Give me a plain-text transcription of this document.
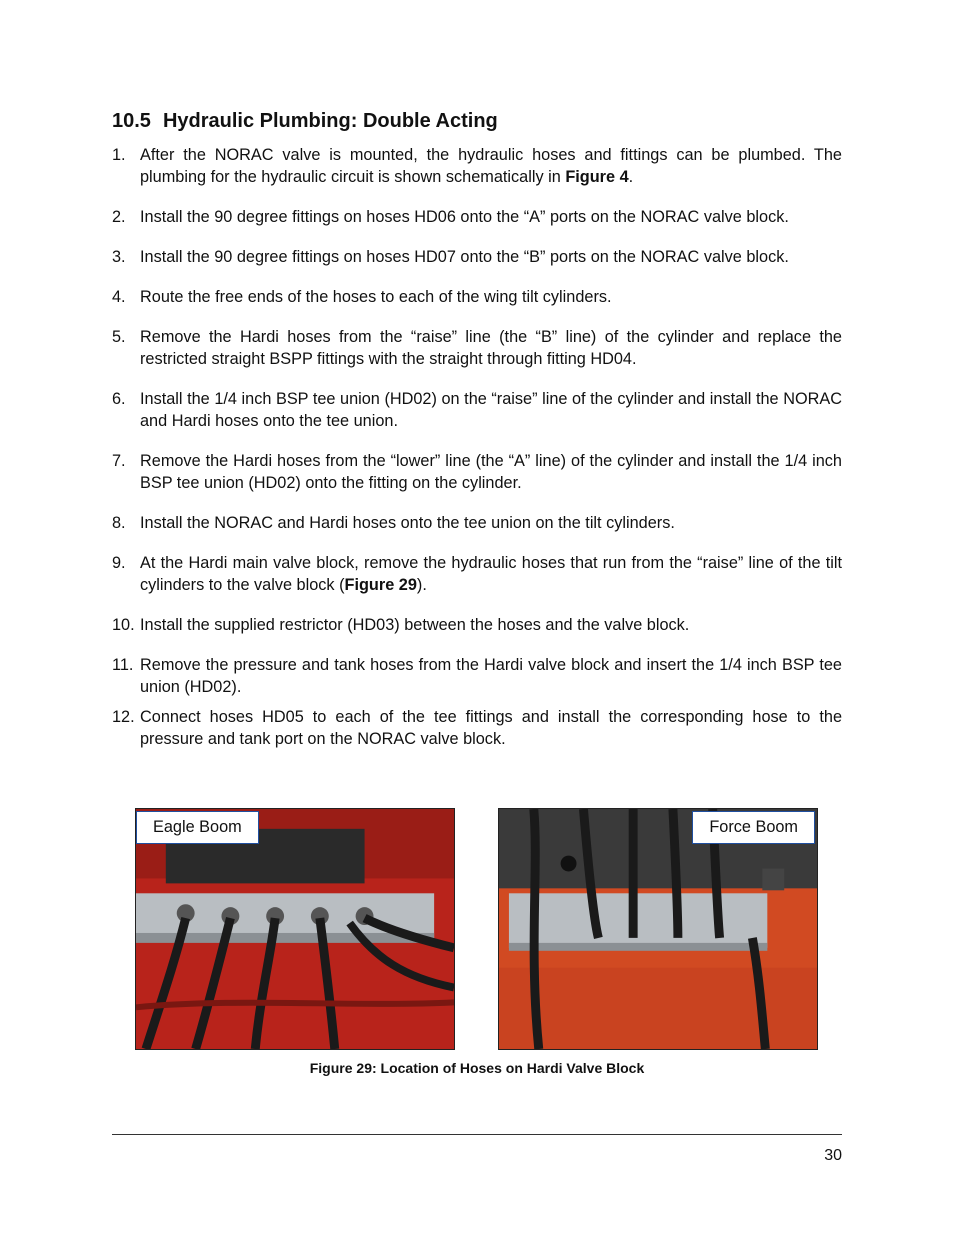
10.5 Hydraulic Plumbing: Double Acting
1. After the NORAC valve is mounted, the hydraulic hoses and fittings can be plumbed. The plumbing for the hydraulic circuit is shown schematically in Figure 4.
2. Install the 90 degree fittings on hoses HD06 onto the “A” ports on the NORAC valve block.
3. Install the 90 degree fittings on hoses HD07 onto the “B” ports on the NORAC valve block.
4. Route the free ends of the hoses to each of the wing tilt cylinders.
5. Remove the Hardi hoses from the “raise” line (the “B” line) of the cylinder and replace the restricted straight BSPP fittings with the straight through fitting HD04.
6. Install the 1/4 inch BSP tee union (HD02) on the “raise” line of the cylinder and install the NORAC and Hardi hoses onto the tee union.
7. Remove the Hardi hoses from the “lower” line (the “A” line) of the cylinder and install the 1/4 inch BSP tee union (HD02) onto the fitting on the cylinder.
8. Install the NORAC and Hardi hoses onto the tee union on the tilt cylinders.
9. At the Hardi main valve block, remove the hydraulic hoses that run from the “raise” line of the tilt cylinders to the valve block (Figure 29).
10. Install the supplied restrictor (HD03) between the hoses and the valve block.
11. Remove the pressure and tank hoses from the Hardi valve block and insert the 1/4 inch BSP tee union (HD02).
12. Connect hoses HD05 to each of the tee fittings and install the corresponding hose to the pressure and tank port on the NORAC valve block.
Eagle Boom	Force Boom
Figure 29: Location of Hoses on Hardi Valve Block
30
